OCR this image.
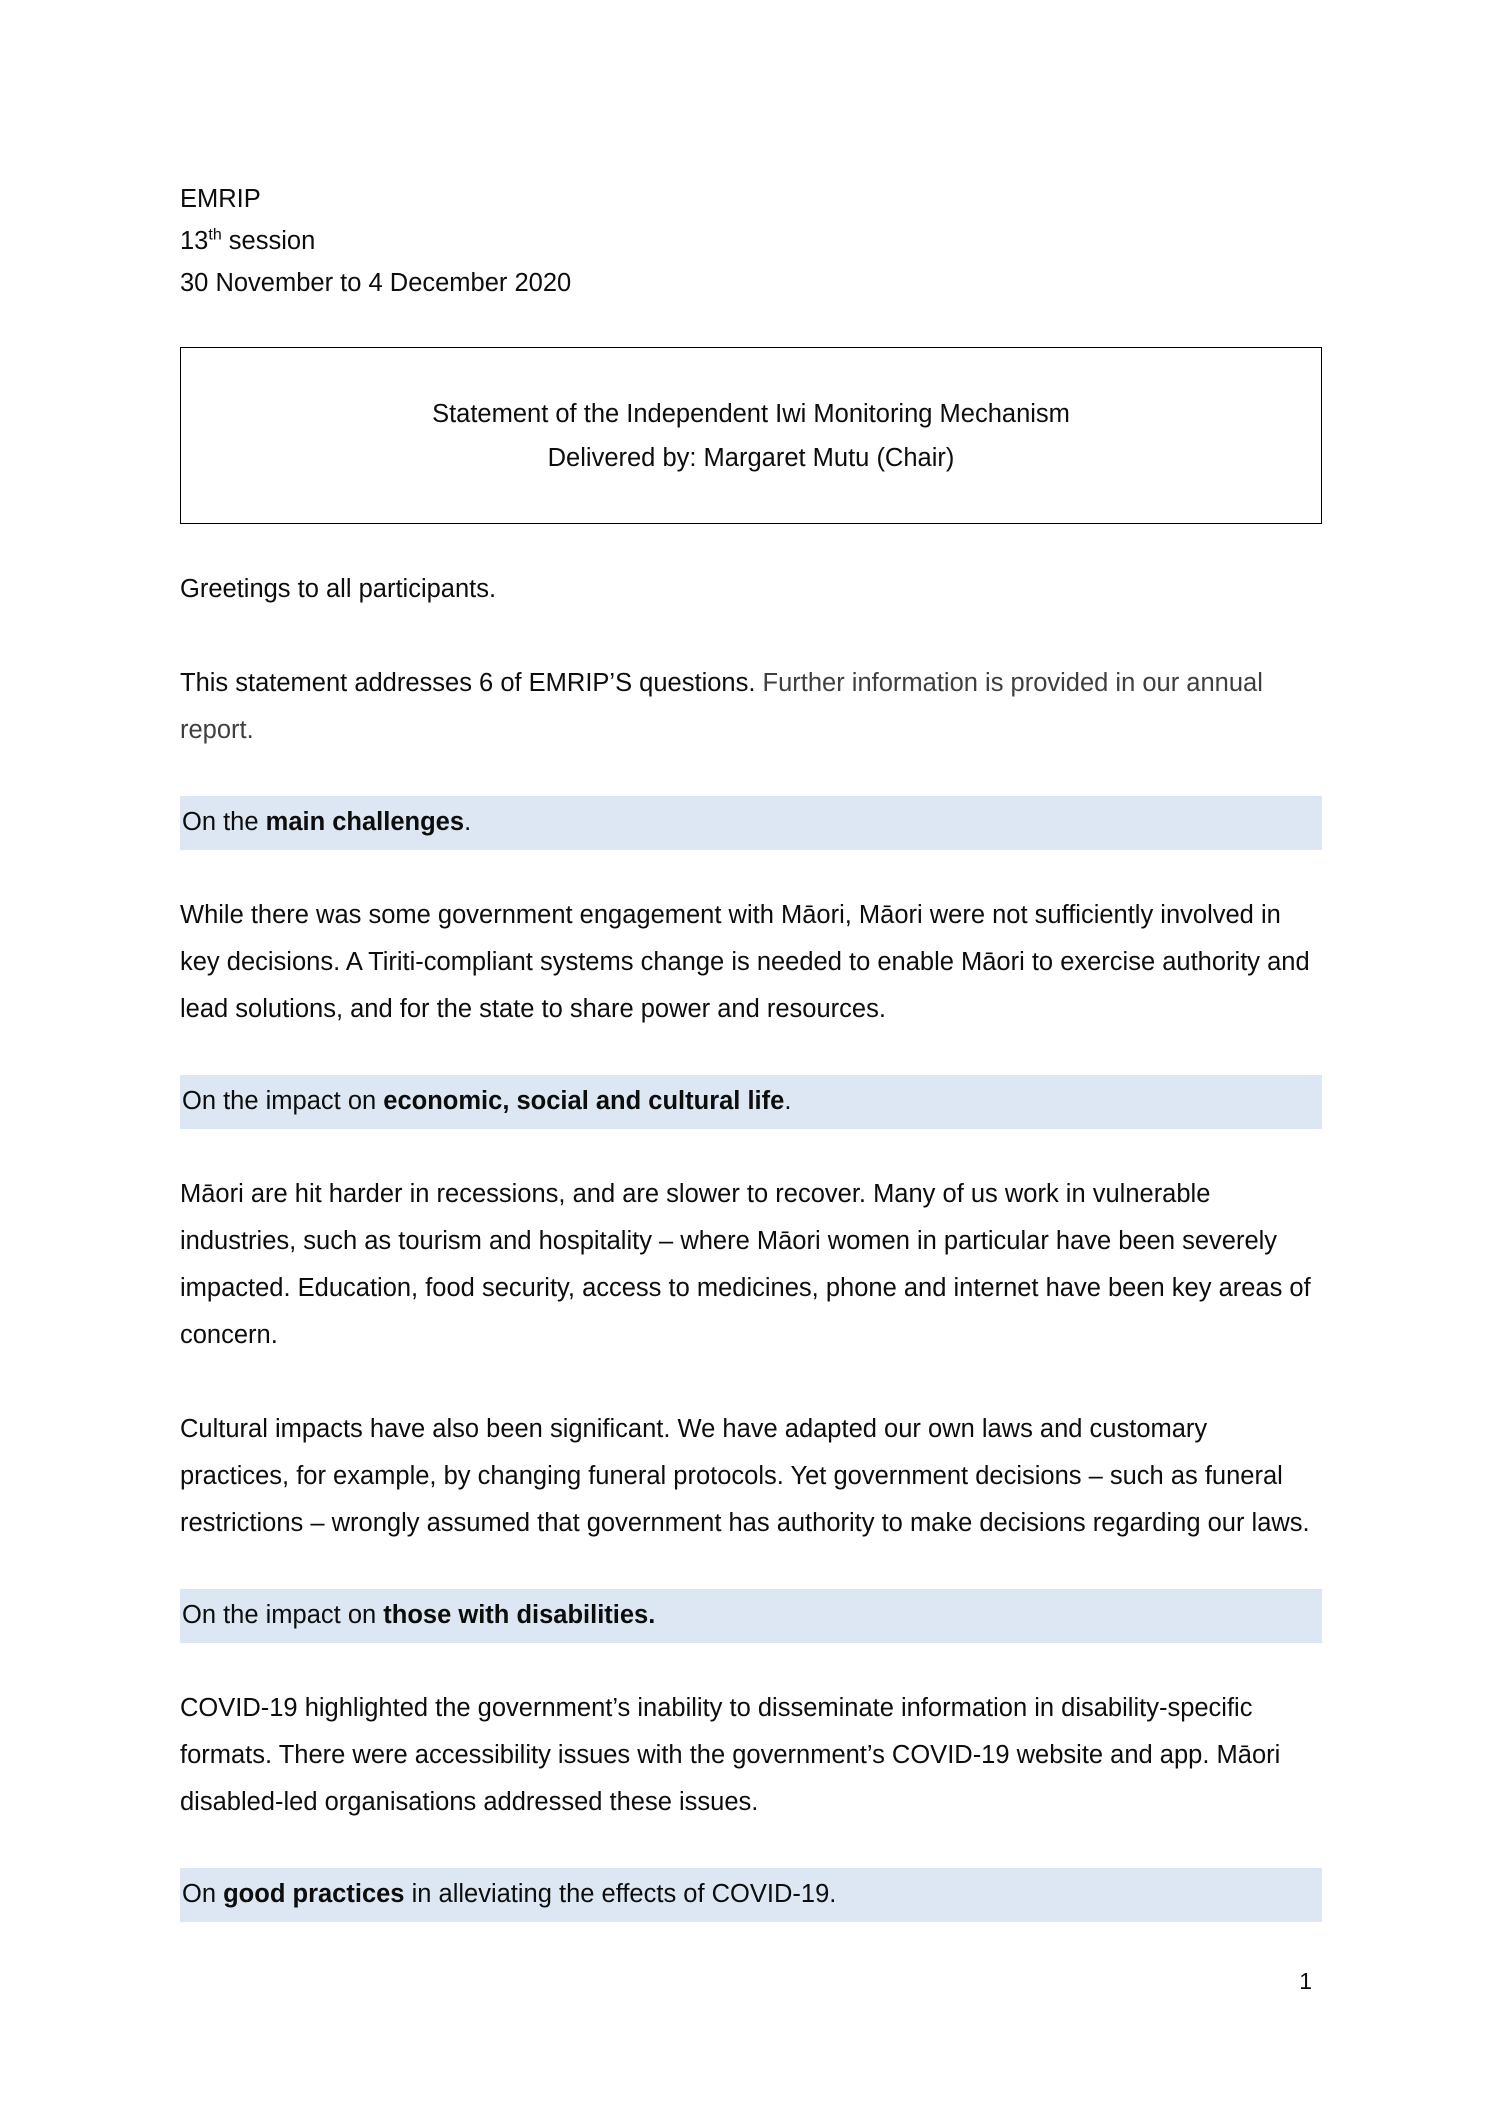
EMRIP
13th session
30 November to 4 December 2020
Statement of the Independent Iwi Monitoring Mechanism
Delivered by: Margaret Mutu (Chair)

Greetings to all participants.

This statement addresses 6 of EMRIP’S questions. Further information is provided in our annual report.

On the main challenges.

While there was some government engagement with Māori, Māori were not sufficiently involved in key decisions. A Tiriti-compliant systems change is needed to enable Māori to exercise authority and lead solutions, and for the state to share power and resources.

On the impact on economic, social and cultural life.

Māori are hit harder in recessions, and are slower to recover. Many of us work in vulnerable industries, such as tourism and hospitality – where Māori women in particular have been severely impacted. Education, food security, access to medicines, phone and internet have been key areas of concern.

Cultural impacts have also been significant. We have adapted our own laws and customary practices, for example, by changing funeral protocols. Yet government decisions – such as funeral restrictions – wrongly assumed that government has authority to make decisions regarding our laws.

On the impact on those with disabilities.

COVID-19 highlighted the government’s inability to disseminate information in disability-specific formats. There were accessibility issues with the government’s COVID-19 website and app. Māori disabled-led organisations addressed these issues.

On good practices in alleviating the effects of COVID-19.

1
